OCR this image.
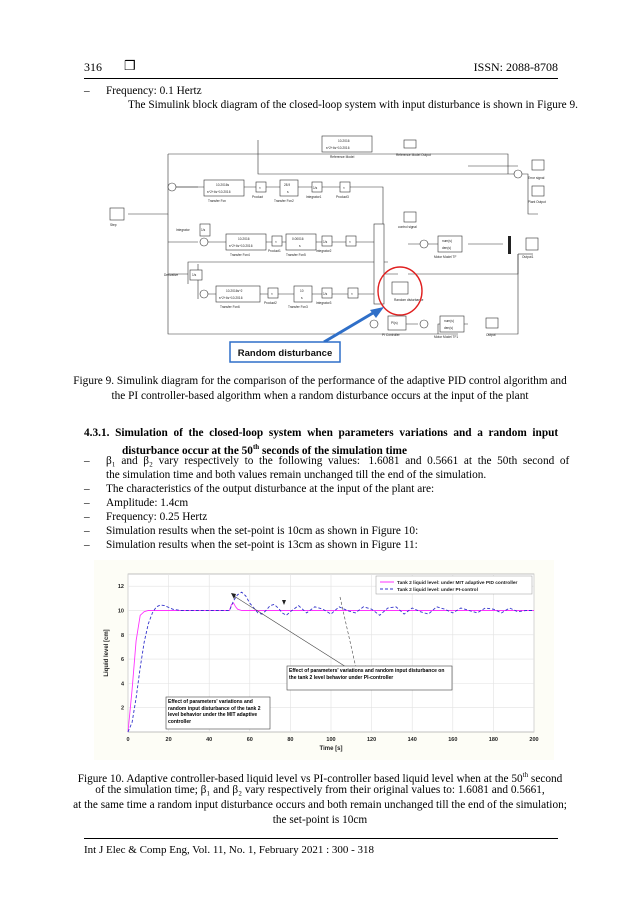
316 ❒	ISSN: 2088-8708
– Frequency: 0.1 Hertz
The Simulink block diagram of the closed-loop system with input disturbance is shown in Figure 9.
Step
10.2016
s^2+4s+10.2016
Reference Model	Reference Model Output
Error signal
Plant Output
10.2016s
s^2+4s+10.2016
Transfer Fcn
×
Product
28.9
s
Transfer Fcn2
1/s
Integrator1
×
Product3
1/s
Integrator
10.2016
s^2+4s+10.2016
Transfer Fcn4
×
Product1
0.00016
s
Transfer Fcn5
1/s
Integrator2
×
1/s
Derivative
10.2016s^2
s^2+4s+10.2016
Transfer Fcn6
×
Product2
10
s
Transfer Fcn3
1/s
Integrator3
×
control signal
num(s)
den(s)
Motor Model TF	Output1
Random disturbance
PI(s)
PI Controller
num(s)
den(s)
Motor Model TF1	Output
Random disturbance
Figure 9. Simulink diagram for the comparison of the performance of the adaptive PID control algorithm and
the PI controller-based algorithm when a random disturbance occurs at the input of the plant
4.3.1.  Simulation  of  the  closed-loop  system  when  parameters  variations  and  a  random  input
disturbance occur at the 50th seconds of the simulation time
– β₁  and  β₂  vary  respectively  to  the  following  values:   1.6081  and  0.5661  at  the  50th  second  of
the simulation time and both values remain unchanged till the end of the simulation.
– The characteristics of the output disturbance at the input of the plant are:
– Amplitude: 1.4cm
– Frequency: 0.25 Hertz
– Simulation results when the set-point is 10cm as shown in Figure 10:
– Simulation results when the set-point is 13cm as shown in Figure 11:
0	20	40	60	80	100	120	140	160	180	200
2
4
6
8
10
12
Time [s]
Liquid level [cm]	Effect of parameters' variations and random input disturbance on the tank 2 level behavior under PI-controller
Effect of parameters' variations and random input disturbance of the tank 2 level behavior under the MIT adaptive controller
Tank 2 liquid level: under MIT adaptive PID controller
Tank 2 liquid level: under PI-control
Figure 10. Adaptive controller-based liquid level vs PI-controller based liquid level when at the 50th second
of the simulation time; β₁ and β₂ vary respectively from their original values to: 1.6081 and 0.5661,
at the same time a random input disturbance occurs and both remain unchanged till the end of the simulation;
the set-point is 10cm
Int J Elec & Comp Eng, Vol. 11, No. 1, February 2021 : 300 - 318
